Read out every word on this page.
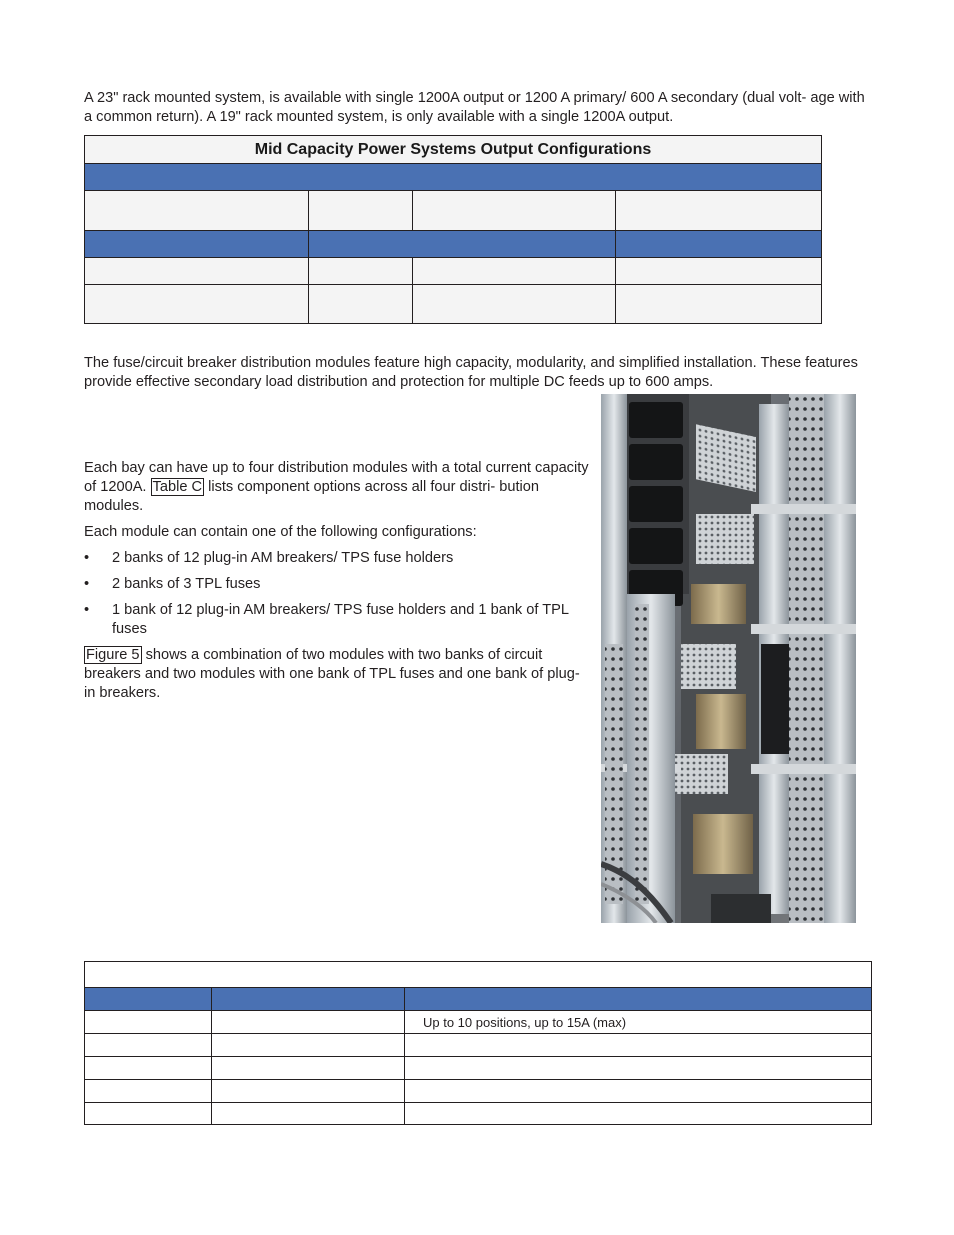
A 23" rack mounted system, is available with single 1200A output or 1200 A primary/ 600 A secondary (dual volt- age with a common return). A 19" rack mounted system, is only available with a single 1200A output.

Mid Capacity Power Systems Output Configurations			

The fuse/circuit breaker distribution modules feature high capacity, modularity, and simplified installation. These features provide effective secondary load distribution and protection for multiple DC feeds up to 600 amps.

Each bay can have up to four distribution modules with a total current capacity of 1200A. Table C lists component options across all four distri- bution modules.

Each module can contain one of the following configurations:

• 2 banks of 12 plug-in AM breakers/ TPS fuse holders
• 2 banks of 3 TPL fuses
• 1 bank of 12 plug-in AM breakers/ TPS fuse holders and 1 bank of TPL fuses

Figure 5 shows a combination of two modules with two banks of circuit breakers and two modules with one bank of TPL fuses and one bank of plug-in breakers.

		Up to 10 positions, up to 15A (max)
